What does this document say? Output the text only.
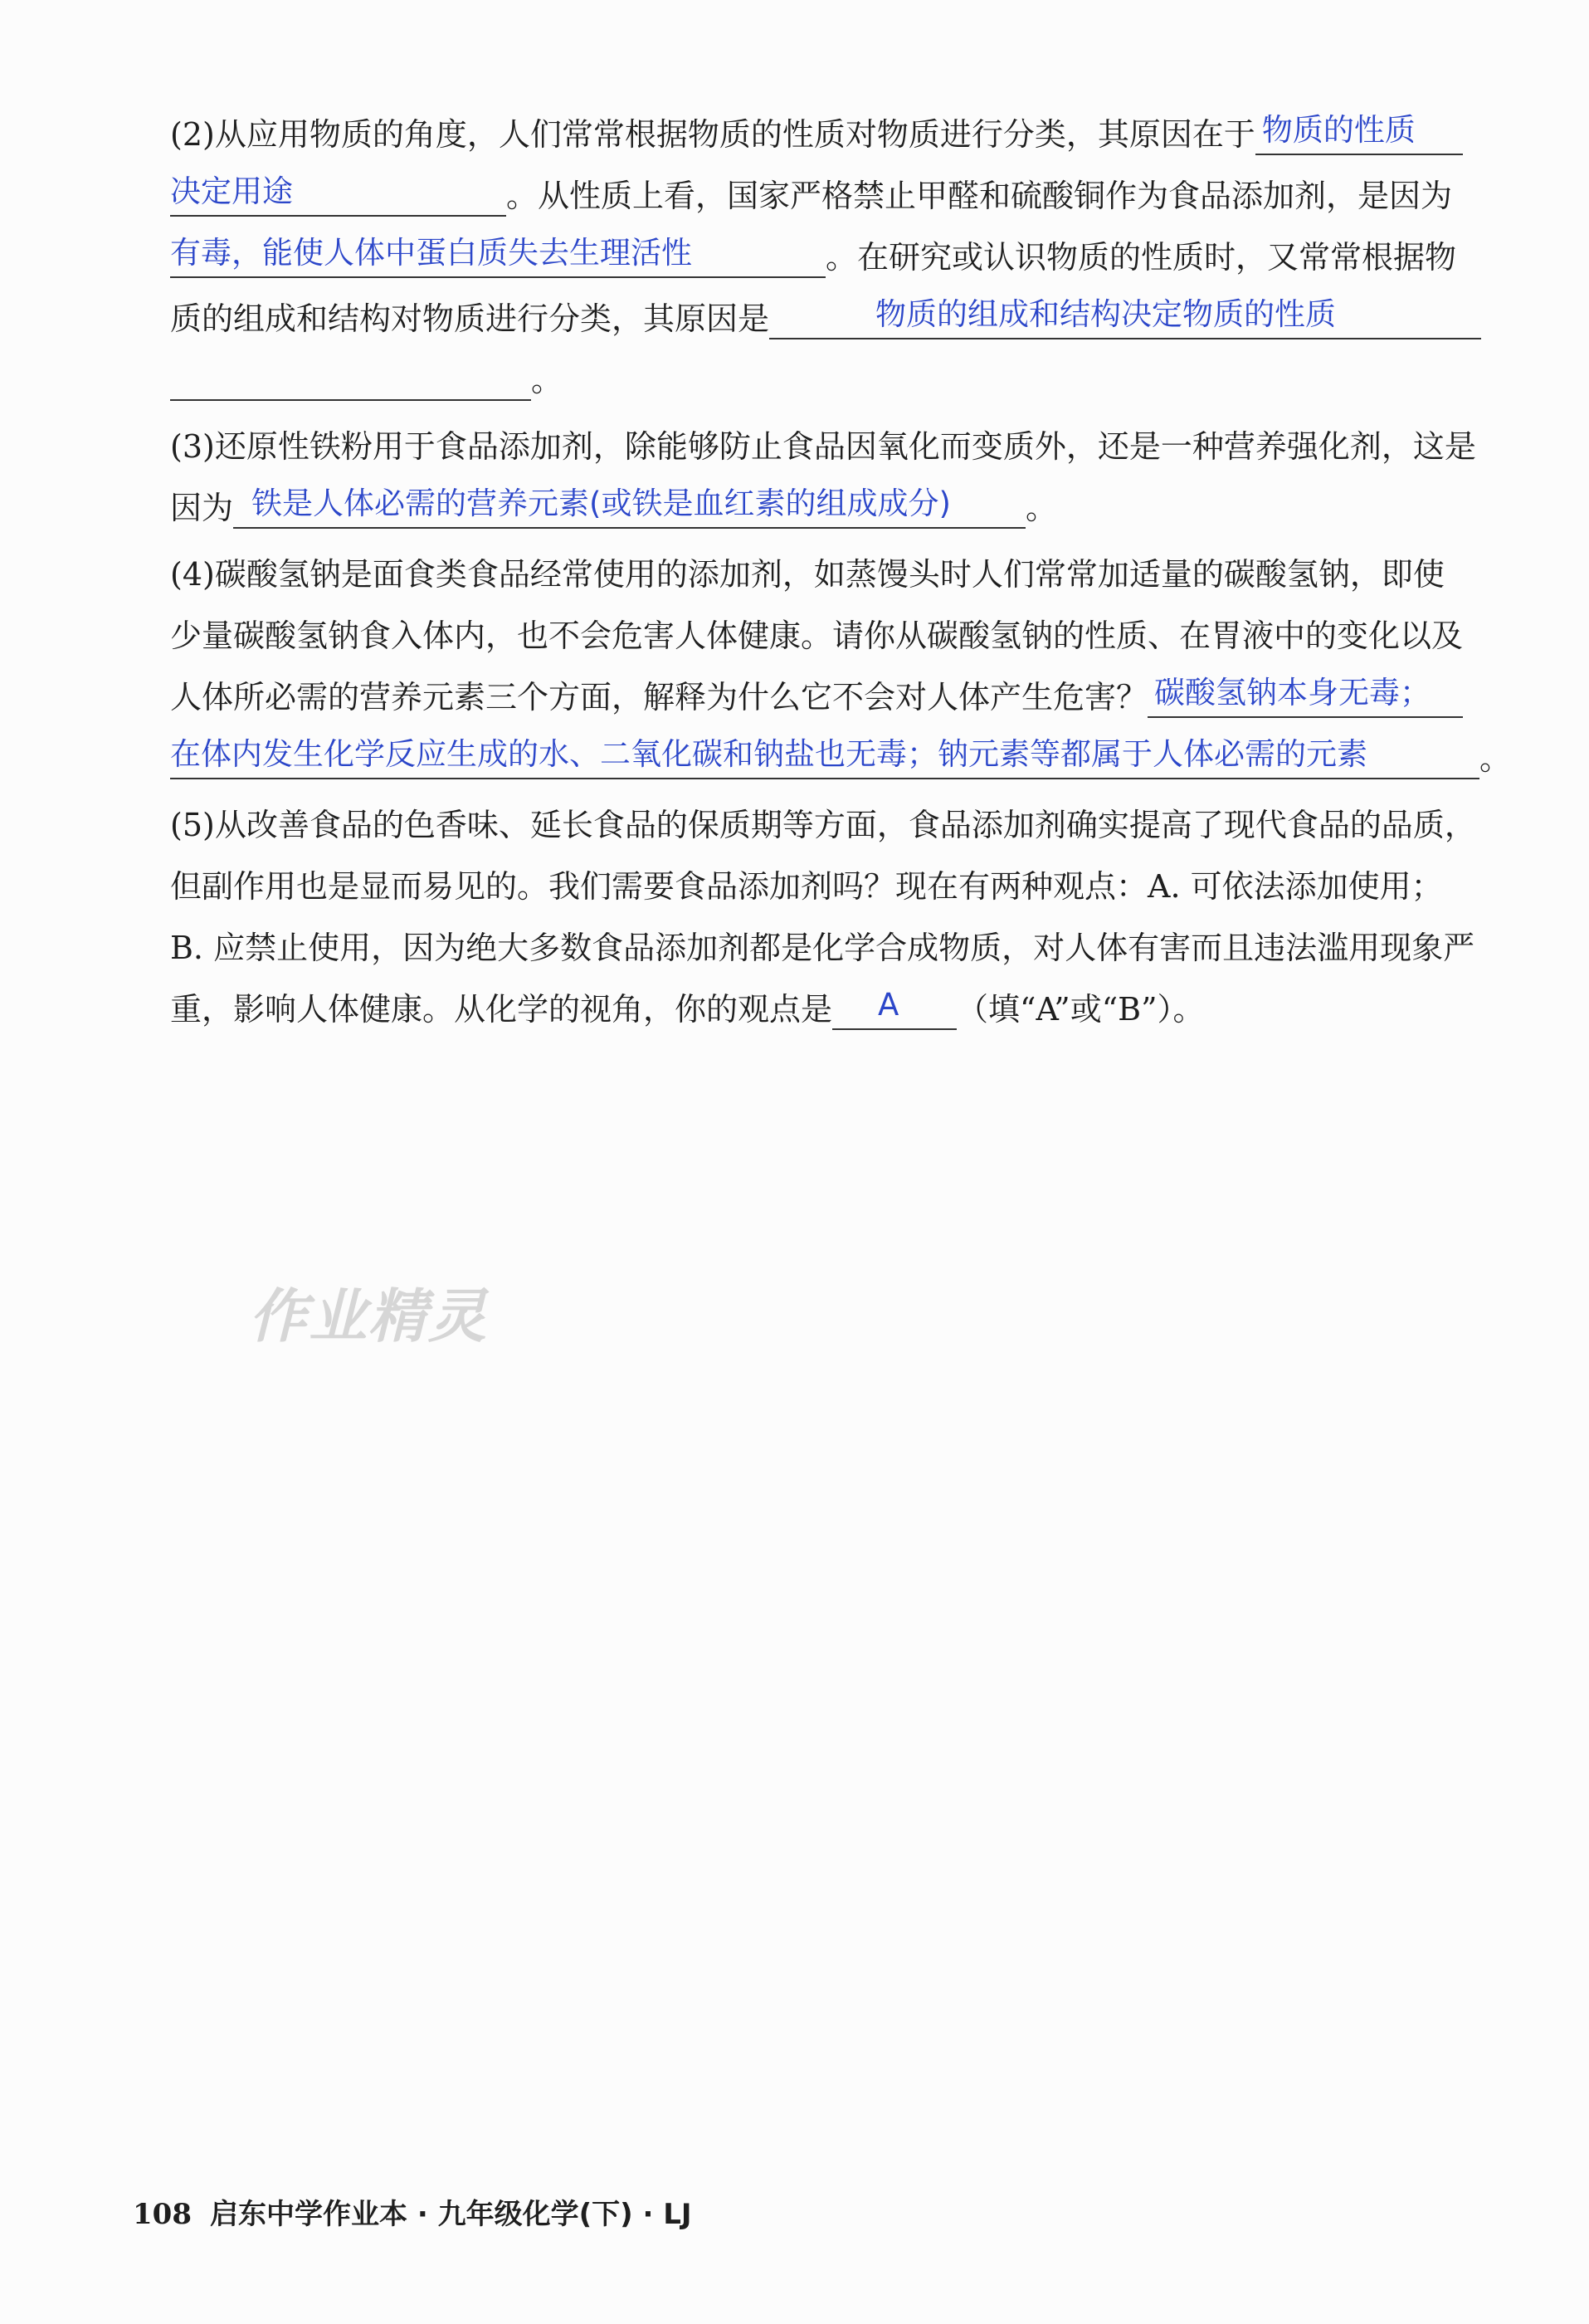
(2)从应用物质的角度，人们常常根据物质的性质对物质进行分类，其原因在于 物质的性质
决定用途	。从性质上看，国家严格禁止甲醛和硫酸铜作为食品添加剂，是因为
有毒，能使人体中蛋白质失去生理活性	。在研究或认识物质的性质时，又常常根据物
质的组成和结构对物质进行分类，其原因是	物质的组成和结构决定物质的性质
。
(3)还原性铁粉用于食品添加剂，除能够防止食品因氧化而变质外，还是一种营养强化剂，这是
因为 铁是人体必需的营养元素(或铁是血红素的组成成分) 。
(4)碳酸氢钠是面食类食品经常使用的添加剂，如蒸馒头时人们常常加适量的碳酸氢钠，即使
少量碳酸氢钠食入体内，也不会危害人体健康。请你从碳酸氢钠的性质、在胃液中的变化以及
人体所必需的营养元素三个方面，解释为什么它不会对人体产生危害？ 碳酸氢钠本身无毒；
在体内发生化学反应生成的水、二氧化碳和钠盐也无毒；钠元素等都属于人体必需的元素	。
(5)从改善食品的色香味、延长食品的保质期等方面，食品添加剂确实提高了现代食品的品质，
但副作用也是显而易见的。我们需要食品添加剂吗？现在有两种观点：A. 可依法添加使用；
B. 应禁止使用，因为绝大多数食品添加剂都是化学合成物质，对人体有害而且违法滥用现象严
重，影响人体健康。从化学的视角，你的观点是 A （填“A”或“B”）。
作业精灵
108 启东中学作业本 · 九年级化学(下) · LJ
